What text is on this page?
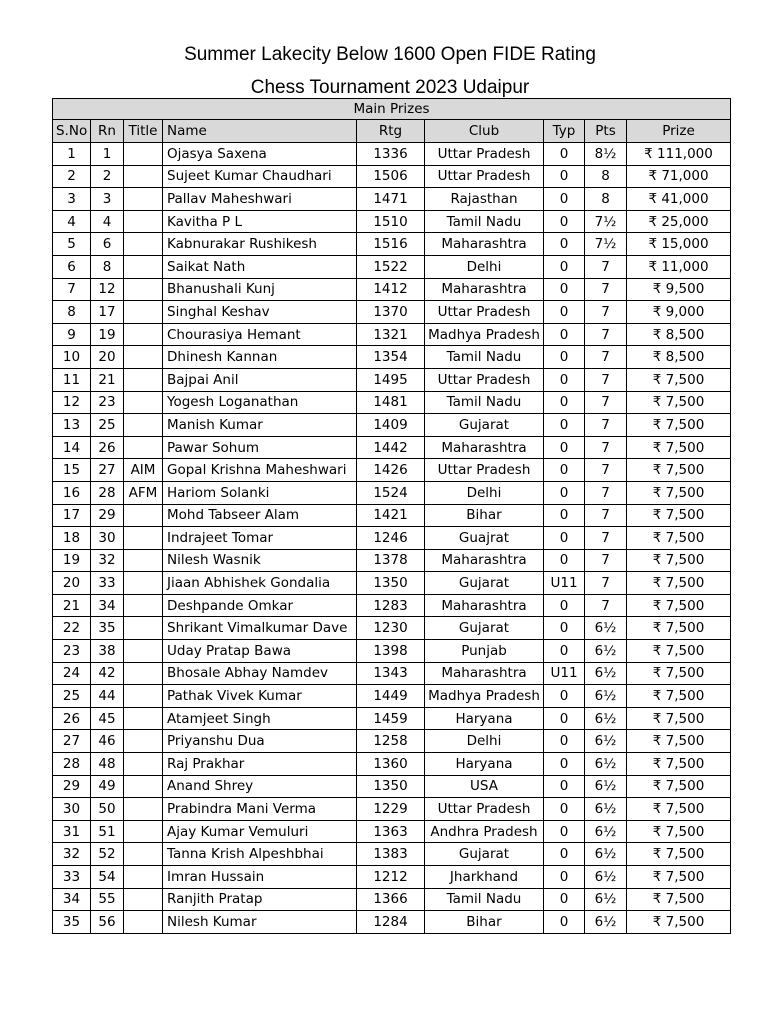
Summer Lakecity Below 1600 Open FIDE Rating
Chess Tournament 2023 Udaipur
Main Prizes								
S.No	Rn	Title	Name	Rtg	Club	Typ	Pts	Prize
1	1		Ojasya Saxena	1336	Uttar Pradesh	0	8½	₹ 111,000
2	2		Sujeet Kumar Chaudhari	1506	Uttar Pradesh	0	8	₹ 71,000
3	3		Pallav Maheshwari	1471	Rajasthan	0	8	₹ 41,000
4	4		Kavitha P L	1510	Tamil Nadu	0	7½	₹ 25,000
5	6		Kabnurakar Rushikesh	1516	Maharashtra	0	7½	₹ 15,000
6	8		Saikat Nath	1522	Delhi	0	7	₹ 11,000
7	12		Bhanushali Kunj	1412	Maharashtra	0	7	₹ 9,500
8	17		Singhal Keshav	1370	Uttar Pradesh	0	7	₹ 9,000
9	19		Chourasiya Hemant	1321	Madhya Pradesh	0	7	₹ 8,500
10	20		Dhinesh Kannan	1354	Tamil Nadu	0	7	₹ 8,500
11	21		Bajpai Anil	1495	Uttar Pradesh	0	7	₹ 7,500
12	23		Yogesh Loganathan	1481	Tamil Nadu	0	7	₹ 7,500
13	25		Manish Kumar	1409	Gujarat	0	7	₹ 7,500
14	26		Pawar Sohum	1442	Maharashtra	0	7	₹ 7,500
15	27	AIM	Gopal Krishna Maheshwari	1426	Uttar Pradesh	0	7	₹ 7,500
16	28	AFM	Hariom Solanki	1524	Delhi	0	7	₹ 7,500
17	29		Mohd Tabseer Alam	1421	Bihar	0	7	₹ 7,500
18	30		Indrajeet Tomar	1246	Guajrat	0	7	₹ 7,500
19	32		Nilesh Wasnik	1378	Maharashtra	0	7	₹ 7,500
20	33		Jiaan Abhishek Gondalia	1350	Gujarat	U11	7	₹ 7,500
21	34		Deshpande Omkar	1283	Maharashtra	0	7	₹ 7,500
22	35		Shrikant Vimalkumar Dave	1230	Gujarat	0	6½	₹ 7,500
23	38		Uday Pratap Bawa	1398	Punjab	0	6½	₹ 7,500
24	42		Bhosale Abhay Namdev	1343	Maharashtra	U11	6½	₹ 7,500
25	44		Pathak Vivek Kumar	1449	Madhya Pradesh	0	6½	₹ 7,500
26	45		Atamjeet Singh	1459	Haryana	0	6½	₹ 7,500
27	46		Priyanshu Dua	1258	Delhi	0	6½	₹ 7,500
28	48		Raj Prakhar	1360	Haryana	0	6½	₹ 7,500
29	49		Anand Shrey	1350	USA	0	6½	₹ 7,500
30	50		Prabindra Mani Verma	1229	Uttar Pradesh	0	6½	₹ 7,500
31	51		Ajay Kumar Vemuluri	1363	Andhra Pradesh	0	6½	₹ 7,500
32	52		Tanna Krish Alpeshbhai	1383	Gujarat	0	6½	₹ 7,500
33	54		Imran Hussain	1212	Jharkhand	0	6½	₹ 7,500
34	55		Ranjith Pratap	1366	Tamil Nadu	0	6½	₹ 7,500
35	56		Nilesh Kumar	1284	Bihar	0	6½	₹ 7,500
